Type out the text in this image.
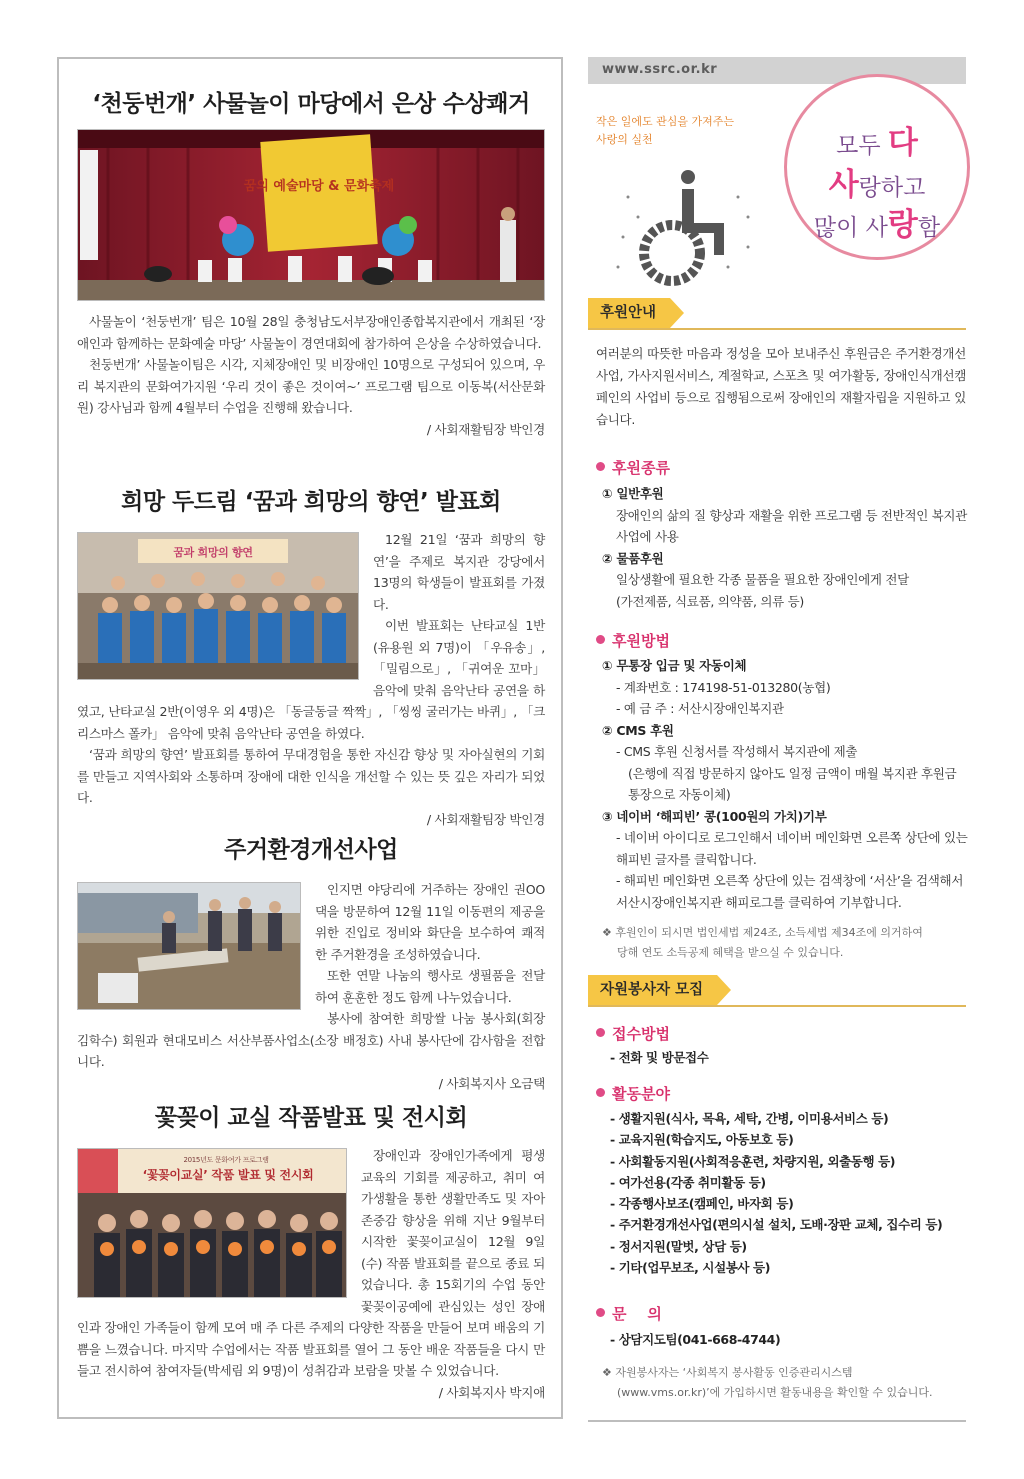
‘천둥번개’ 사물놀이 마당에서 은상 수상쾌거
꿈의 예술마당 & 문화축제

사물놀이 ‘천둥번개’ 팀은 10월 28일 충청남도서부장애인종합복지관에서 개최된 ‘장애인과 함께하는 문화예술 마당’ 사물놀이 경연대회에 참가하여 은상을 수상하였습니다.

천둥번개’ 사물놀이팀은 시각, 지체장애인 및 비장애인 10명으로 구성되어 있으며, 우리 복지관의 문화여가지원 ‘우리 것이 좋은 것이여~’ 프로그램 팀으로 이동복(서산문화원) 강사님과 함께 4월부터 수업을 진행해 왔습니다.

/ 사회재활팀장 박인경
희망 두드림 ‘꿈과 희망의 향연’ 발표회
꿈과 희망의 향연

12월 21일 ‘꿈과 희망의 향연’을 주제로 복지관 강당에서 13명의 학생들이 발표회를 가졌다.

이번 발표회는 난타교실 1반(유용원 외 7명)이 「우유송」, 「밀림으로」, 「귀여운 꼬마」 음악에 맞춰 음악난타 공연을 하였고, 난타교실 2반(이영우 외 4명)은 「동글동글 짝짝」, 「씽씽 굴러가는 바퀴」, 「크리스마스 폴카」 음악에 맞춰 음악난타 공연을 하였다.

‘꿈과 희망의 향연’ 발표회를 통하여 무대경험을 통한 자신감 향상 및 자아실현의 기회를 만들고 지역사회와 소통하며 장애에 대한 인식을 개선할 수 있는 뜻 깊은 자리가 되었다.

/ 사회재활팀장 박인경
주거환경개선사업

인지면 야당리에 거주하는 장애인 권OO댁을 방문하여 12월 11일 이동편의 제공을 위한 진입로 정비와 화단을 보수하여 쾌적한 주거환경을 조성하였습니다.

또한 연말 나눔의 행사로 생필품을 전달하여 훈훈한 정도 함께 나누었습니다.

봉사에 참여한 희망쌀 나눔 봉사회(회장 김학수) 회원과 현대모비스 서산부품사업소(소장 배정호) 사내 봉사단에 감사함을 전합니다.

/ 사회복지사 오금택
꽃꽂이 교실 작품발표 및 전시회
2015년도 문화여가 프로그램
‘꽃꽂이교실’ 작품 발표 및 전시회

장애인과 장애인가족에게 평생교육의 기회를 제공하고, 취미 여가생활을 통한 생활만족도 및 자아존중감 향상을 위해 지난 9월부터 시작한 꽃꽂이교실이 12월 9일(수) 작품 발표회를 끝으로 종료 되었습니다. 총 15회기의 수업 동안 꽃꽂이공예에 관심있는 성인 장애인과 장애인 가족들이 함께 모여 매 주 다른 주제의 다양한 작품을 만들어 보며 배움의 기쁨을 느꼈습니다. 마지막 수업에서는 작품 발표회를 열어 그 동안 배운 작품들을 다시 만들고 전시하여 참여자들(박세림 외 9명)이 성취감과 보람을 맛볼 수 있었습니다.

/ 사회복지사 박지애
www.ssrc.or.kr
작은 일에도 관심을 가져주는
사랑의 실천	모두 다
사랑하고
많이 사랑함
후원안내
여러분의 따뜻한 마음과 정성을 모아 보내주신 후원금은 주거환경개선사업, 가사지원서비스, 계절학교, 스포츠 및 여가활동, 장애인식개선캠페인의 사업비 등으로 집행됨으로써 장애인의 재활자립을 지원하고 있습니다.
후원종류
① 일반후원
장애인의 삶의 질 향상과 재활을 위한 프로그램 등 전반적인 복지관 사업에 사용
② 물품후원
일상생활에 필요한 각종 물품을 필요한 장애인에게 전달
(가전제품, 식료품, 의약품, 의류 등)
후원방법
① 무통장 입금 및 자동이체
- 계좌번호 : 174198-51-013280(농협)
- 예 금 주 : 서산시장애인복지관
② CMS 후원
- CMS 후원 신청서를 작성해서 복지관에 제출
(은행에 직접 방문하지 않아도 일정 금액이 매월 복지관 후원금통장으로 자동이체)
③ 네이버 ‘해피빈’ 콩(100원의 가치)기부
- 네이버 아이디로 로그인해서 네이버 메인화면 오른쪽 상단에 있는 해피빈 글자를 클릭합니다.
- 해피빈 메인화면 오른쪽 상단에 있는 검색창에 ‘서산’을 검색해서 서산시장애인복지관 해피로그를 클릭하여 기부합니다.
❖ 후원인이 되시면 법인세법 제24조, 소득세법 제34조에 의거하여
당해 연도 소득공제 혜택을 받으실 수 있습니다.
자원봉사자 모집
접수방법
- 전화 및 방문접수
활동분야
- 생활지원(식사, 목욕, 세탁, 간병, 이미용서비스 등)
- 교육지원(학습지도, 아동보호 등)
- 사회활동지원(사회적응훈련, 차량지원, 외출동행 등)
- 여가선용(각종 취미활동 등)
- 각종행사보조(캠페인, 바자회 등)
- 주거환경개선사업(편의시설 설치, 도배·장판 교체, 집수리 등)
- 정서지원(말벗, 상담 등)
- 기타(업무보조, 시설봉사 등)
문    의
- 상담지도팀(041-668-4744)
❖ 자원봉사자는 ‘사회복지 봉사활동 인증관리시스템
(www.vms.or.kr)’에 가입하시면 활동내용을 확인할 수 있습니다.
